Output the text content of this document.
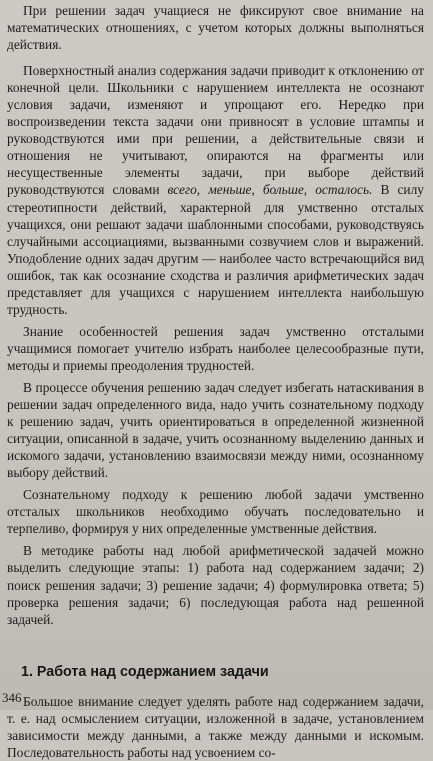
При решении задач учащиеся не фиксируют свое внимание на математических отношениях, с учетом которых должны выполняться действия.

Поверхностный анализ содержания задачи приводит к отклонению от конечной цели. Школьники с нарушением интеллекта не осознают условия задачи, изменяют и упрощают его. Нередко при воспроизведении текста задачи они привносят в условие штампы и руководствуются ими при решении, а действительные связи и отношения не учитывают, опираются на фрагменты или несущественные элементы задачи, при выборе действий руководствуются словами всего, меньше, больше, осталось. В силу стереотипности действий, характерной для умственно отсталых учащихся, они решают задачи шаблонными способами, руководствуясь случайными ассоциациями, вызванными созвучием слов и выражений. Уподобление одних задач другим — наиболее часто встречающийся вид ошибок, так как осознание сходства и различия арифметических задач представляет для учащихся с нарушением интеллекта наибольшую трудность.

Знание особенностей решения задач умственно отсталыми учащимися помогает учителю избрать наиболее целесообразные пути, методы и приемы преодоления трудностей.

В процессе обучения решению задач следует избегать натаскивания в решении задач определенного вида, надо учить сознательному подходу к решению задач, учить ориентироваться в определенной жизненной ситуации, описанной в задаче, учить осознанному выделению данных и искомого задачи, установлению взаимосвязи между ними, осознанному выбору действий.

Сознательному подходу к решению любой задачи умственно отсталых школьников необходимо обучать последовательно и терпеливо, формируя у них определенные умственные действия.

В методике работы над любой арифметической задачей можно выделить следующие этапы: 1) работа над содержанием задачи; 2) поиск решения задачи; 3) решение задачи; 4) формулировка ответа; 5) проверка решения задачи; 6) последующая работа над решенной задачей.

1. Работа над содержанием задачи

Большое внимание следует уделять работе над содержанием задачи, т. е. над осмыслением ситуации, изложенной в задаче, установлением зависимости между данными, а также между данными и искомым. Последовательность работы над усвоением со-

346
